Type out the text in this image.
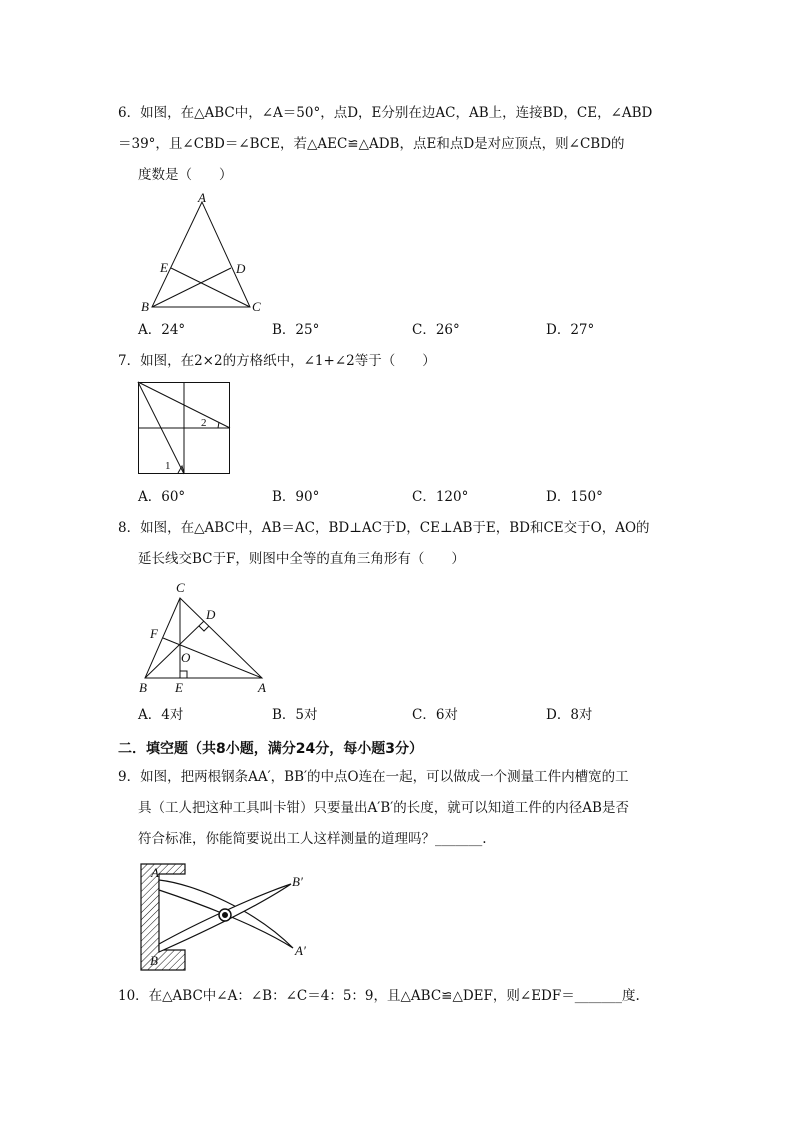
6．如图，在△ABC中，∠A＝50°，点D，E分别在边AC，AB上，连接BD，CE，∠ABD
＝39°，且∠CBD＝∠BCE，若△AEC≌△ADB，点E和点D是对应顶点，则∠CBD的
度数是（　　）
A
E	D
B	C
A．24°	B．25°	C．26°	D．27°
7．如图，在2×2的方格纸中，∠1+∠2等于（　　）
2
1
A．60°	B．90°	C．120°	D．150°
8．如图，在△ABC中，AB＝AC，BD⊥AC于D，CE⊥AB于E，BD和CE交于O，AO的
延长线交BC于F，则图中全等的直角三角形有（　　）
C
D
F
O
B E	A
A．4对	B．5对	C．6对	D．8对
二．填空题（共8小题，满分24分，每小题3分）
9．如图，把两根钢条AA′，BB′的中点O连在一起，可以做成一个测量工件内槽宽的工
具（工人把这种工具叫卡钳）只要量出A′B′的长度，就可以知道工件的内径AB是否
符合标准，你能简要说出工人这样测量的道理吗？_______.
A
B
B′
A′
10．在△ABC中∠A：∠B：∠C＝4：5：9，且△ABC≌△DEF，则∠EDF＝_______度.
